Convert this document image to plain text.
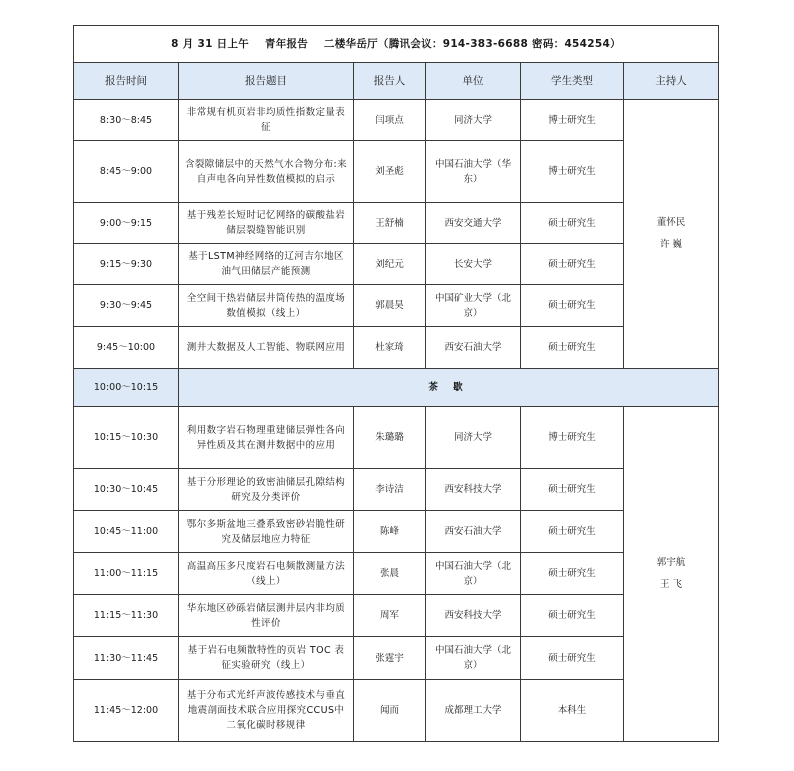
8 月 31 日上午 青年报告 二楼华岳厅（腾讯会议：914-383-6688 密码：454254）					
报告时间	报告题目	报告人	单位	学生类型	主持人
8:30～8:45	非常规有机页岩非均质性指数定量表征	闫项点	同济大学	博士研究生	董怀民
许 巍

8:45～9:00	含裂隙储层中的天然气水合物分布:来自声电各向异性数值模拟的启示	刘圣彪	中国石油大学（华东）	博士研究生	
9:00～9:15	基于残差长短时记忆网络的碳酸盐岩储层裂缝智能识别	王舒楠	西安交通大学	硕士研究生	
9:15～9:30	基于LSTM神经网络的辽河吉尔地区油气田储层产能预测	刘纪元	长安大学	硕士研究生	
9:30～9:45	全空间干热岩储层井筒传热的温度场数值模拟（线上）	郭晨昊	中国矿业大学（北京）	硕士研究生	
9:45～10:00	测井大数据及人工智能、物联网应用	杜家琦	西安石油大学	硕士研究生	
10:00～10:15	茶 歇				
10:15～10:30	利用数字岩石物理重建储层弹性各向异性质及其在测井数据中的应用	朱璐璐	同济大学	博士研究生	郭宇航
王 飞

10:30～10:45	基于分形理论的致密油储层孔隙结构研究及分类评价	李诗洁	西安科技大学	硕士研究生	
10:45～11:00	鄂尔多斯盆地三叠系致密砂岩脆性研究及储层地应力特征	陈峰	西安石油大学	硕士研究生	
11:00～11:15	高温高压多尺度岩石电频散测量方法（线上）	张晨	中国石油大学（北京）	硕士研究生	
11:15～11:30	华东地区砂砾岩储层测井层内非均质性评价	周军	西安科技大学	硕士研究生	
11:30～11:45	基于岩石电频散特性的页岩 TOC 表征实验研究（线上）	张霆宇	中国石油大学（北京）	硕士研究生	
11:45～12:00	基于分布式光纤声波传感技术与垂直地震剖面技术联合应用探究CCUS中二氧化碳时移规律	闻而	成都理工大学	本科生	
